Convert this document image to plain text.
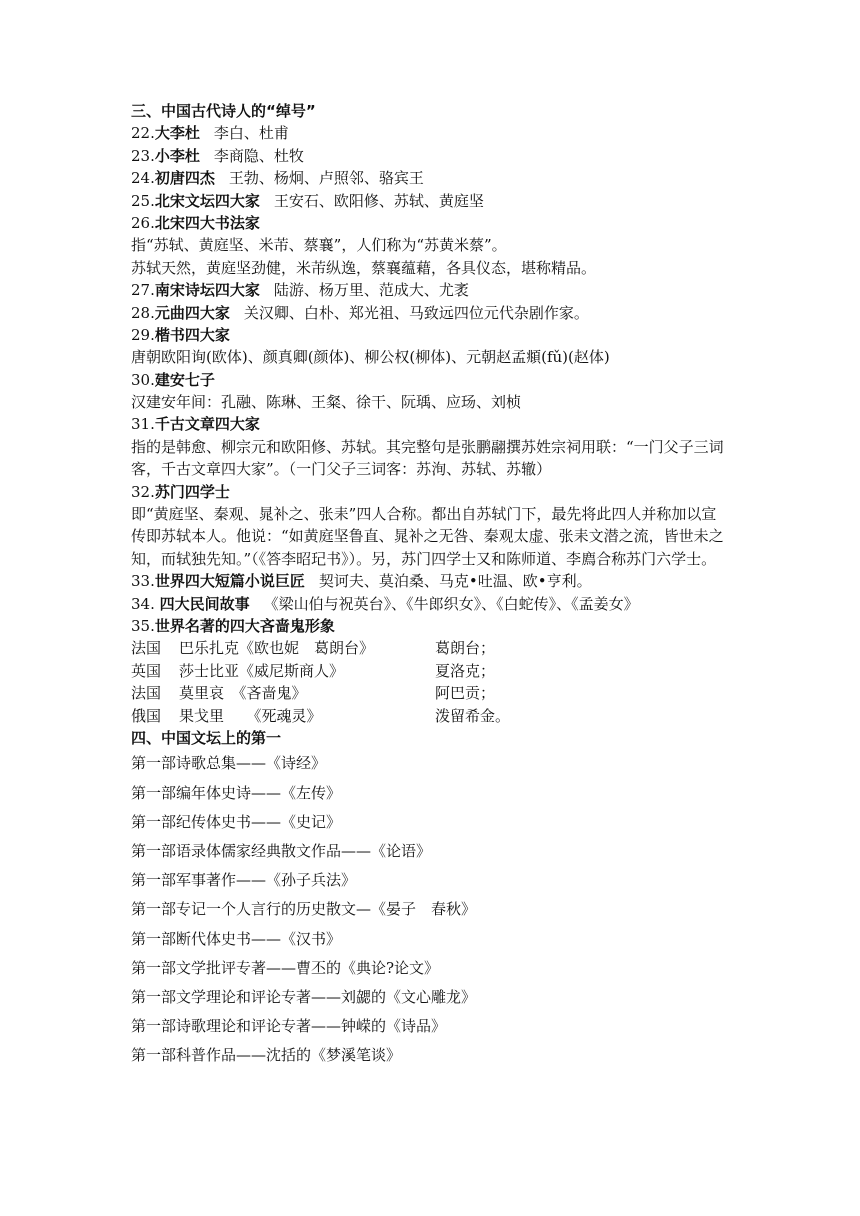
三、中国古代诗人的“绰号”
22.大李杜 李白、杜甫
23.小李杜 李商隐、杜牧
24.初唐四杰 王勃、杨炯、卢照邻、骆宾王
25.北宋文坛四大家 王安石、欧阳修、苏轼、黄庭坚
26.北宋四大书法家
指“苏轼、黄庭坚、米芾、蔡襄”，人们称为“苏黄米蔡”。
苏轼天然，黄庭坚劲健，米芾纵逸，蔡襄蕴藉，各具仪态，堪称精品。
27.南宋诗坛四大家 陆游、杨万里、范成大、尤袤
28.元曲四大家 关汉卿、白朴、郑光祖、马致远四位元代杂剧作家。
29.楷书四大家
唐朝欧阳询(欧体)、颜真卿(颜体)、柳公权(柳体)、元朝赵孟頫(fǔ)(赵体)
30.建安七子
汉建安年间：孔融、陈琳、王粲、徐干、阮瑀、应玚、刘桢
31.千古文章四大家
指的是韩愈、柳宗元和欧阳修、苏轼。其完整句是张鹏翮撰苏姓宗祠用联：“一门父子三词客，千古文章四大家”。（一门父子三词客：苏洵、苏轼、苏辙）
32.苏门四学士
即“黄庭坚、秦观、晁补之、张耒”四人合称。都出自苏轼门下，最先将此四人并称加以宣传即苏轼本人。他说：“如黄庭坚鲁直、晁补之无咎、秦观太虚、张耒文潜之流，皆世未之知，而轼独先知。”（《答李昭玘书》）。另，苏门四学士又和陈师道、李廌合称苏门六学士。
33.世界四大短篇小说巨匠 契诃夫、莫泊桑、马克•吐温、欧•亨利。
34. 四大民间故事 《梁山伯与祝英台》、《牛郎织女》、《白蛇传》、《孟姜女》
35.世界名著的四大吝啬鬼形象
法国	巴乐扎克《欧也妮　葛朗台》	葛朗台；
英国	莎士比亚《威尼斯商人》	夏洛克；
法国	莫里哀　《吝啬鬼》	阿巴贡；
俄国	果戈里　　《死魂灵》	泼留希金。
四、中国文坛上的第一
第一部诗歌总集——《诗经》
第一部编年体史诗——《左传》
第一部纪传体史书——《史记》
第一部语录体儒家经典散文作品——《论语》
第一部军事著作——《孙子兵法》
第一部专记一个人言行的历史散文—《晏子　春秋》
第一部断代体史书——《汉书》
第一部文学批评专著——曹丕的《典论?论文》
第一部文学理论和评论专著——刘勰的《文心雕龙》
第一部诗歌理论和评论专著——钟嵘的《诗品》
第一部科普作品——沈括的《梦溪笔谈》
